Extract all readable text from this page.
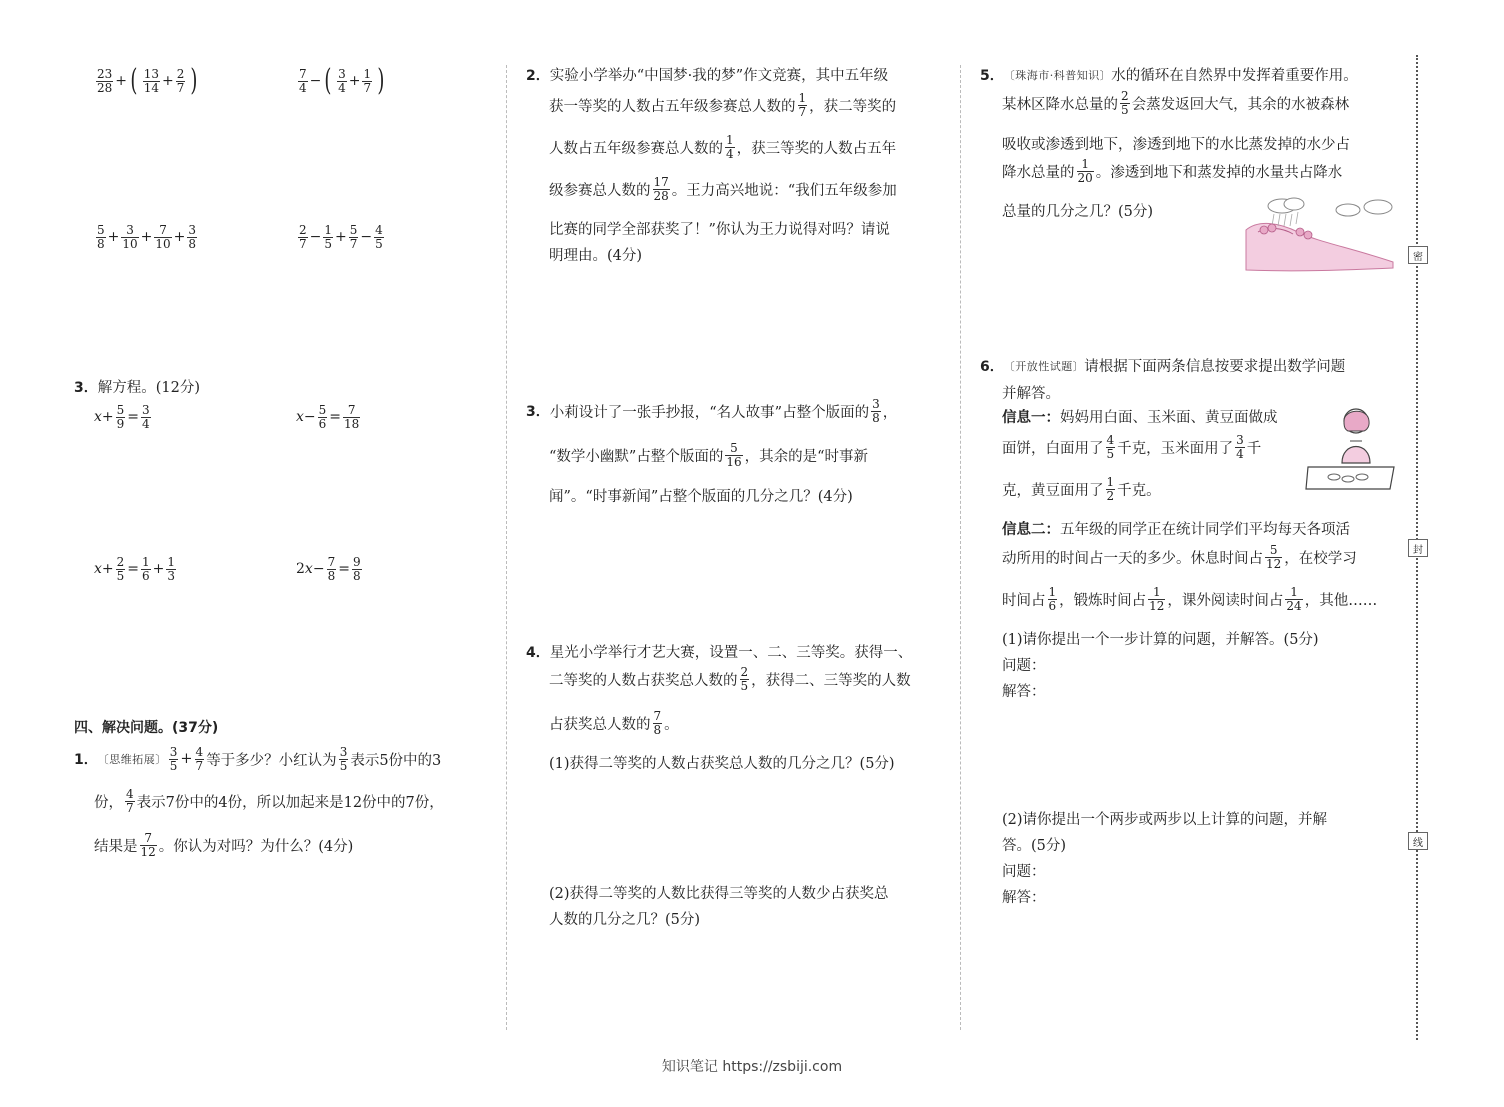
密
封
线
$\frac{23}{28}$ + ( $\frac{13}{14} + \frac{2}{7}$ )	$\frac{7}{4}$ − ( $\frac{3}{4} + \frac{1}{7}$ )
$\frac{5}{8} + \frac{3}{10} + \frac{7}{10} + \frac{3}{8}$	$\frac{2}{7} - \frac{1}{5} + \frac{5}{7} - \frac{4}{5}$
3． 解方程。(12分)
$x + \frac{5}{9} = \frac{3}{4}$	$x - \frac{5}{6} = \frac{7}{18}$
$x + \frac{2}{5} = \frac{1}{6} + \frac{1}{3}$	2 $x - \frac{7}{8} = \frac{9}{8}$
四、解决问题。(37分)
1． 〔思维拓展〕 $\frac{3}{5} + \frac{4}{7}$ 等于多少？小红认为 $\frac{3}{5}$ 表示5份中的3
份， $\frac{4}{7}$ 表示7份中的4份，所以加起来是12份中的7份，
结果是 $\frac{7}{12}$ 。你认为对吗？为什么？(4分)
2． 实验小学举办“中国梦·我的梦”作文竞赛，其中五年级
获一等奖的人数占五年级参赛总人数的 $\frac{1}{7}$ ，获二等奖的
人数占五年级参赛总人数的 $\frac{1}{4}$ ，获三等奖的人数占五年
级参赛总人数的 $\frac{17}{28}$ 。王力高兴地说：“我们五年级参加
比赛的同学全部获奖了！”你认为王力说得对吗？请说
明理由。(4分)
3． 小莉设计了一张手抄报，“名人故事”占整个版面的 $\frac{3}{8}$ ，
“数学小幽默”占整个版面的 $\frac{5}{16}$ ，其余的是“时事新
闻”。“时事新闻”占整个版面的几分之几？(4分)
4． 星光小学举行才艺大赛，设置一、二、三等奖。获得一、
二等奖的人数占获奖总人数的 $\frac{2}{5}$ ，获得二、三等奖的人数
占获奖总人数的 $\frac{7}{8}$ 。
(1)获得二等奖的人数占获奖总人数的几分之几？(5分)
(2)获得二等奖的人数比获得三等奖的人数少占获奖总
人数的几分之几？(5分)
5． 〔珠海市·科普知识〕 水的循环在自然界中发挥着重要作用。
某林区降水总量的 $\frac{2}{5}$ 会蒸发返回大气，其余的水被森林
吸收或渗透到地下，渗透到地下的水比蒸发掉的水少占
降水总量的 $\frac{1}{20}$ 。渗透到地下和蒸发掉的水量共占降水
总量的几分之几？(5分)
6． 〔开放性试题〕 请根据下面两条信息按要求提出数学问题
并解答。
信息一： 妈妈用白面、玉米面、黄豆面做成
面饼，白面用了 $\frac{4}{5}$ 千克，玉米面用了 $\frac{3}{4}$ 千
克，黄豆面用了 $\frac{1}{2}$ 千克。
信息二： 五年级的同学正在统计同学们平均每天各项活
动所用的时间占一天的多少。休息时间占 $\frac{5}{12}$ ，在校学习
时间占 $\frac{1}{6}$ ，锻炼时间占 $\frac{1}{12}$ ，课外阅读时间占 $\frac{1}{24}$ ，其他……
(1)请你提出一个一步计算的问题，并解答。(5分)
问题：
解答：
(2)请你提出一个两步或两步以上计算的问题，并解
答。(5分)
问题：
解答：
知识笔记 https://zsbiji.com
